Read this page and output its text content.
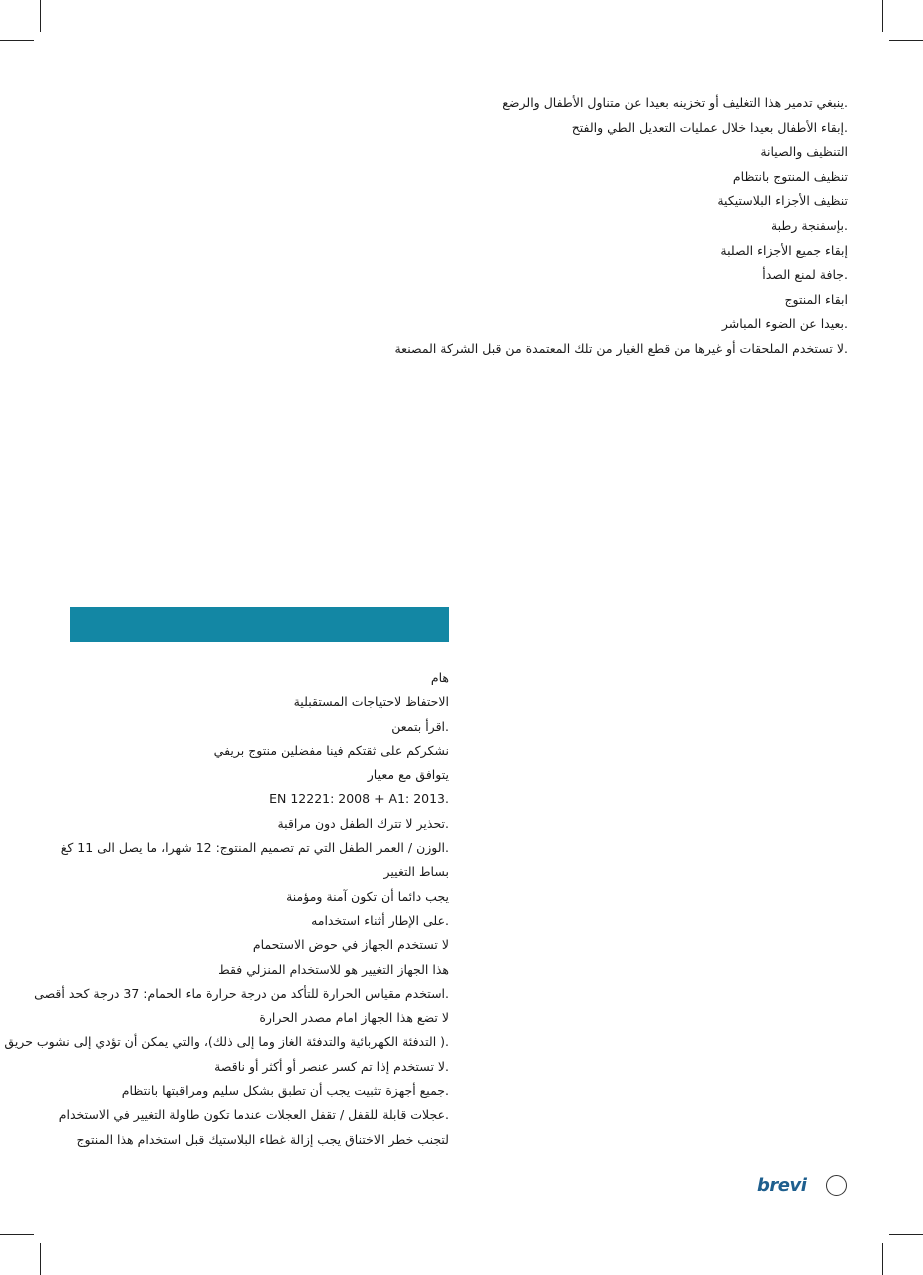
.ينبغي تدمير هذا التغليف أو تخزينه بعيدا عن متناول الأطفال والرضع
.إبقاء الأطفال بعيدا خلال عمليات التعديل الطي والفتح
التنظيف والصيانة
تنظيف المنتوج بانتظام
تنظيف الأجزاء البلاستيكية
.بإسفنجة رطبة
إبقاء جميع الأجزاء الصلبة
.جافة لمنع الصدأ
ابقاء المنتوج
.بعيدا عن الضوء المباشر
.لا تستخدم الملحقات أو غيرها من قطع الغيار من تلك المعتمدة من قبل الشركة المصنعة
هام
الاحتفاظ لاحتياجات المستقبلية
.اقرأ بتمعن
نشكركم على ثقتكم فينا مفضلين منتوج بريفي
يتوافق مع معيار
EN 12221: 2008 + A1: 2013.
.تحذير لا تترك الطفل دون مراقبة
.الوزن / العمر الطفل التي تم تصميم المنتوج: 12 شهرا، ما يصل الى 11 كغ
بساط التغيير
يجب دائما أن تكون آمنة ومؤمنة
.على الإطار أثناء استخدامه
لا تستخدم الجهاز في حوض الاستحمام
هذا الجهاز التغيير هو للاستخدام المنزلي فقط
.استخدم مقياس الحرارة للتأكد من درجة حرارة ماء الحمام: 37 درجة كحد أقصى
لا تضع هذا الجهاز امام مصدر الحرارة
.( التدفئة الكهربائية والتدفئة الغاز وما إلى ذلك)، والتي يمكن أن تؤدي إلى نشوب حريق
.لا تستخدم إذا تم كسر عنصر أو أكثر أو ناقصة
.جميع أجهزة تثبيت يجب أن تطبق بشكل سليم ومراقبتها بانتظام
.عجلات قابلة للقفل / تقفل العجلات عندما تكون طاولة التغيير في الاستخدام
لتجنب خطر الاختناق يجب إزالة غطاء البلاستيك قبل استخدام هذا المنتوج
brevi
